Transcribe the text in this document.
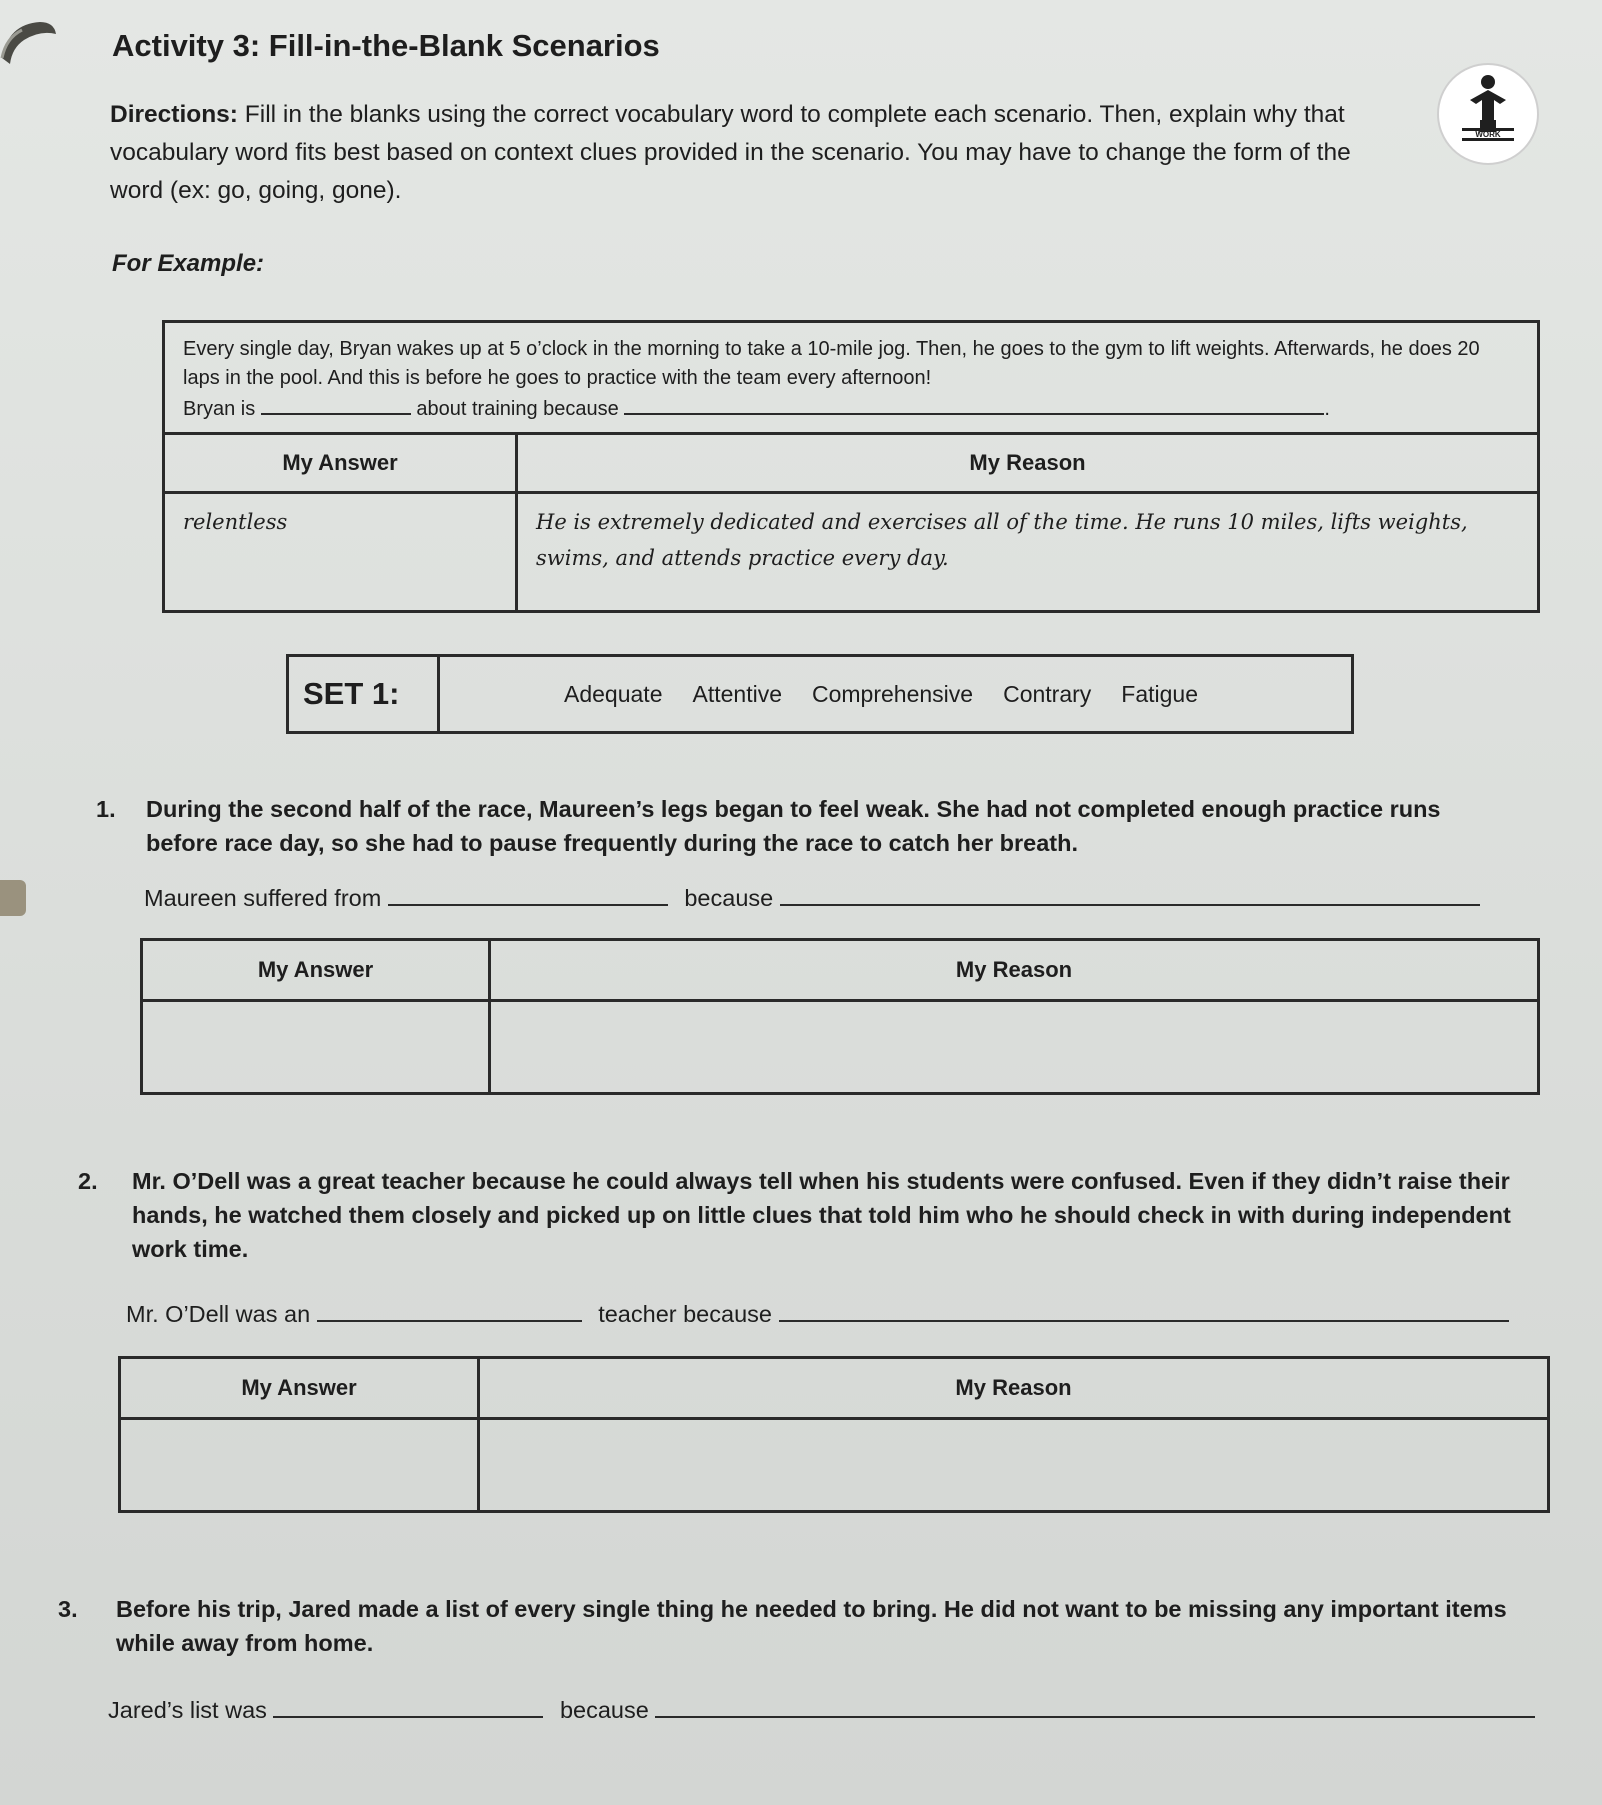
Activity 3: Fill-in-the-Blank Scenarios
Directions: Fill in the blanks using the correct vocabulary word to complete each scenario. Then, explain why that vocabulary word fits best based on context clues provided in the scenario. You may have to change the form of the word (ex: go, going, gone).
WORK
For Example:
Every single day, Bryan wakes up at 5 o’clock in the morning to take a 10-mile jog. Then, he goes to the gym to lift weights. Afterwards, he does 20 laps in the pool. And this is before he goes to practice with the team every afternoon!
Bryan is about training because .	
My Answer	My Reason
relentless	He is extremely dedicated and exercises all of the time. He runs 10 miles, lifts weights, swims, and attends practice every day.
SET 1:	Adequate Attentive Comprehensive Contrary Fatigue
1.	During the second half of the race, Maureen’s legs began to feel weak. She had not completed enough practice runs before race day, so she had to pause frequently during the race to catch her breath.
Maureen suffered from	because
My Answer	My Reason

2.	Mr. O’Dell was a great teacher because he could always tell when his students were confused. Even if they didn’t raise their hands, he watched them closely and picked up on little clues that told him who he should check in with during independent work time.
Mr. O’Dell was an	teacher because
My Answer	My Reason

3.	Before his trip, Jared made a list of every single thing he needed to bring. He did not want to be missing any important items while away from home.
Jared’s list was	because
